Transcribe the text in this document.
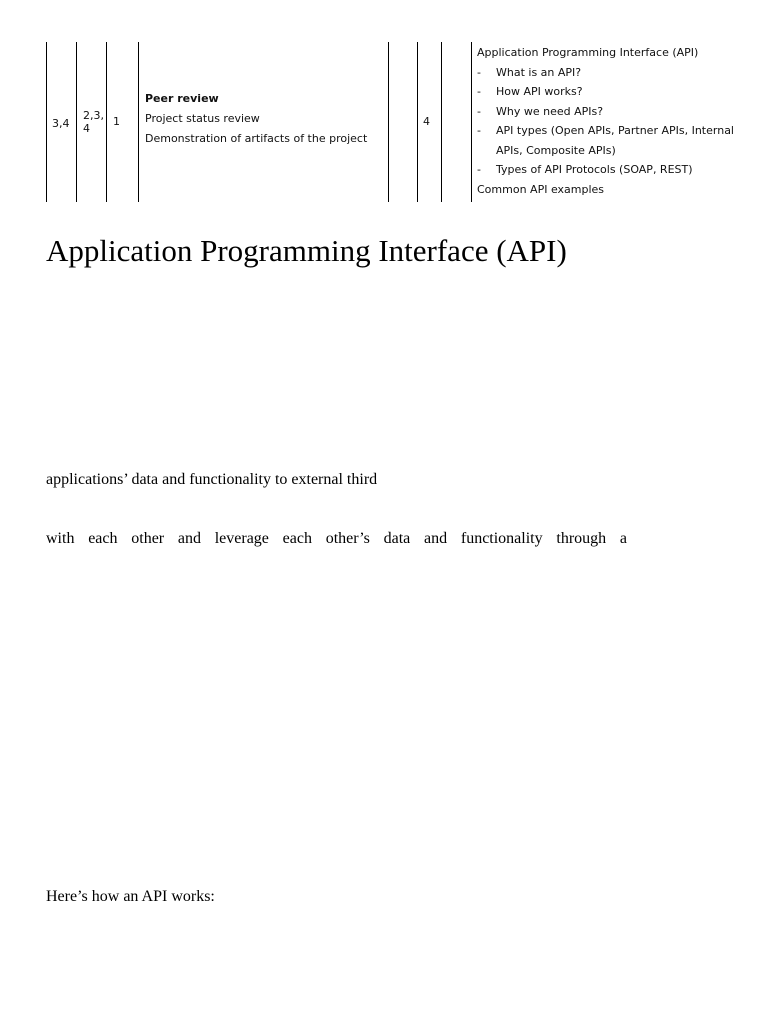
3,4
2,3,
4
1
Peer review
Project status review
Demonstration of artifacts of the project
4
Application Programming Interface (API)
- What is an API?
- How API works?
- Why we need APIs?
- API types (Open APIs, Partner APIs, Internal
APIs, Composite APIs)
- Types of API Protocols (SOAP, REST)
Common API examples
Application Programming Interface (API)

applications’ data and functionality to external third

with each other and leverage each other’s data and functionality through a

Here’s how an API works:
